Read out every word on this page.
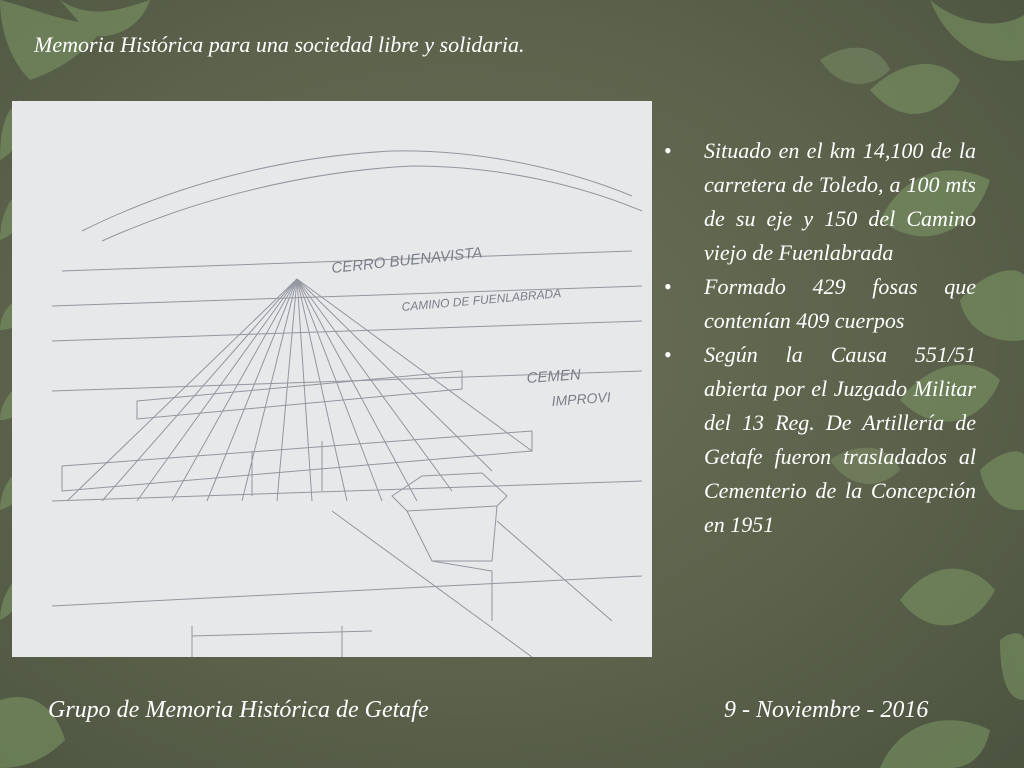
Memoria Histórica para una sociedad libre y solidaria.
CERRO BUENAVISTA
CAMINO DE FUENLABRADA
CEMEN
IMPROVI
• Situado en el km 14,100 de la carretera de Toledo, a 100 mts de su eje y 150 del Camino viejo de Fuenlabrada
• Formado 429 fosas que contenían 409 cuerpos
• Según la Causa 551/51 abierta por el Juzgado Militar del 13 Reg. De Artillería de Getafe fueron trasladados al Cementerio de la Concepción en 1951
Grupo de Memoria Histórica de Getafe	9 - Noviembre - 2016
